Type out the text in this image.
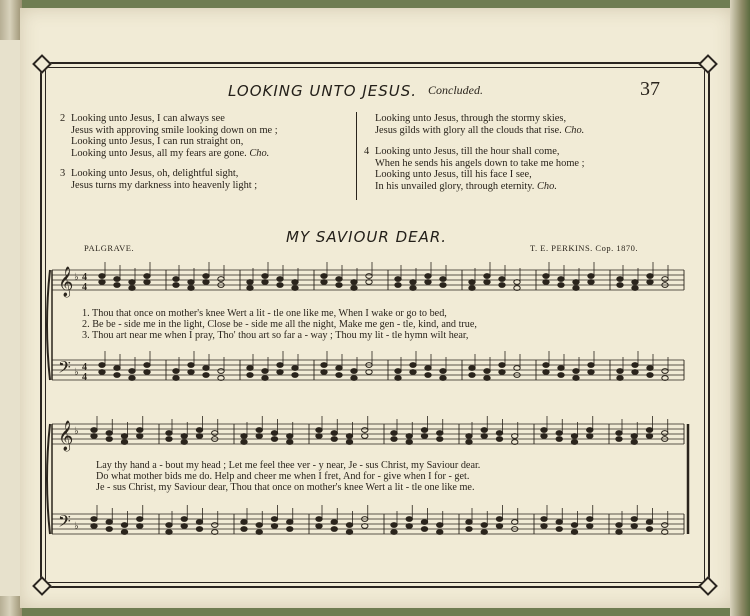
LOOKING UNTO JESUS. Concluded.	37
2 Looking unto Jesus, I can always see
Jesus with approving smile looking down on me ;
Looking unto Jesus, I can run straight on,
Looking unto Jesus, all my fears are gone. Cho.
3 Looking unto Jesus, oh, delightful sight,
Jesus turns my darkness into heavenly light ;
Looking unto Jesus, through the stormy skies,
Jesus gilds with glory all the clouds that rise. Cho.
4 Looking unto Jesus, till the hour shall come,
When he sends his angels down to take me home ;
Looking unto Jesus, till his face I see,
In his unvailed glory, through eternity. Cho.
MY SAVIOUR DEAR.
PALGRAVE.	T. E. PERKINS. Cop. 1870.
𝄞
𝄢
♭
♭
4
4
4
4
1. Thou that once on mother's knee Wert a lit - tle one like me, When I wake or go to bed,
2. Be be - side me in the light, Close be - side me all the night, Make me gen - tle, kind, and true,
3. Thou art near me when I pray, Tho' thou art so far a - way ; Thou my lit - tle hymn wilt hear,
𝄞
𝄢
♭
♭
Lay thy hand a - bout my head ; Let me feel thee ver - y near, Je - sus Christ, my Saviour dear.
Do what mother bids me do. Help and cheer me when I fret, And for - give when I for - get.
Je - sus Christ, my Saviour dear, Thou that once on mother's knee Wert a lit - tle one like me.
